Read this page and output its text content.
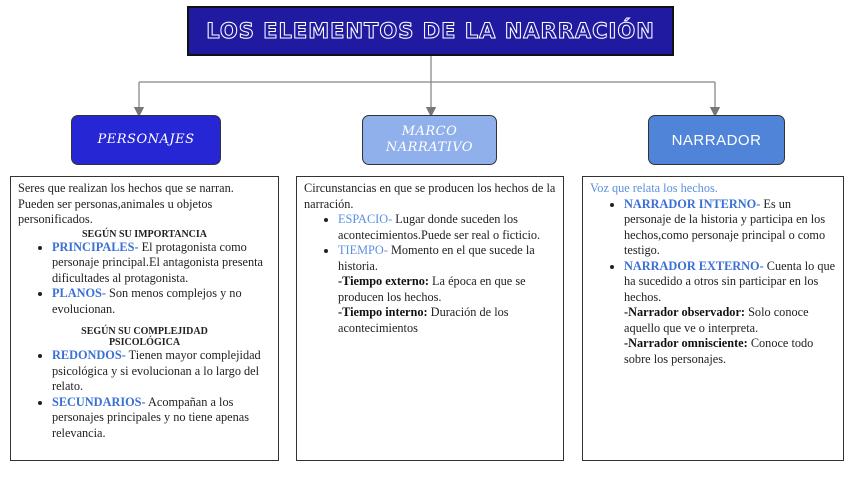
LOS ELEMENTOS DE LA NARRACIÓN
PERSONAJES
MARCO
NARRATIVO	NARRADOR
Seres que realizan los hechos que se narran. Pueden ser personas,animales u objetos personificados.
SEGÚN SU IMPORTANCIA
• PRINCIPALES- El protagonista como personaje principal.El antagonista presenta dificultades al protagonista.
• PLANOS- Son menos complejos y no evolucionan.
SEGÚN SU COMPLEJIDAD
PSICOLÓGICA
• REDONDOS- Tienen mayor complejidad psicológica y si evolucionan a lo largo del relato.
• SECUNDARIOS- Acompañan a los personajes principales y no tiene apenas relevancia.
Circunstancias en que se producen los hechos de la narración.
• ESPACIO- Lugar donde suceden los acontecimientos.Puede ser real o ficticio.
• TIEMPO- Momento en el que sucede la historia.
-Tiempo externo: La época en que se producen los hechos.
-Tiempo interno: Duración de los acontecimientos
Voz que relata los hechos.
• NARRADOR INTERNO- Es un personaje de la historia y participa en los hechos,como personaje principal o como testigo.
• NARRADOR EXTERNO- Cuenta lo que ha sucedido a otros sin participar en los hechos.
-Narrador observador: Solo conoce aquello que ve o interpreta.
-Narrador omnisciente: Conoce todo sobre los personajes.
